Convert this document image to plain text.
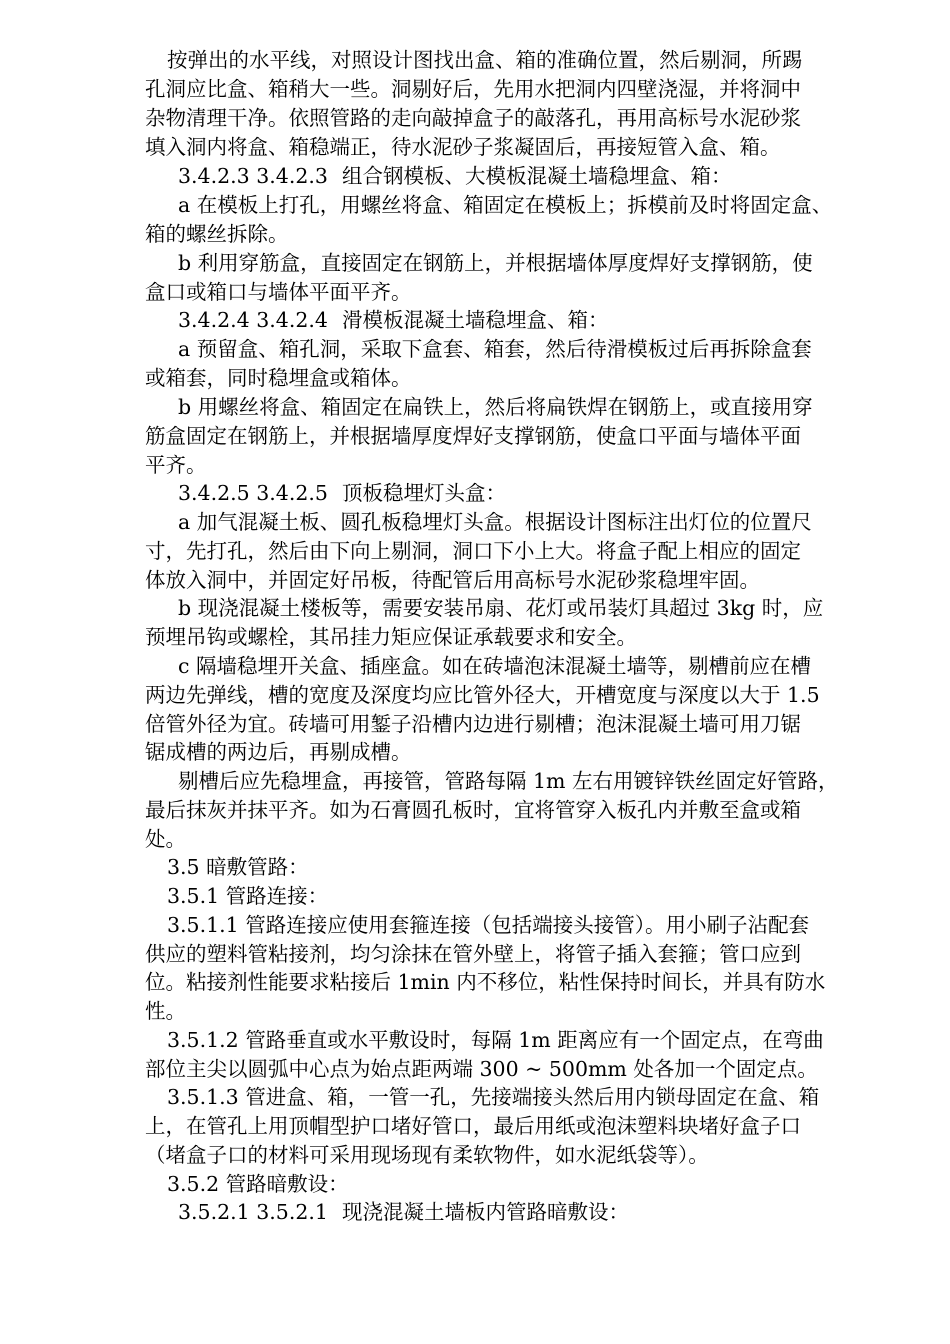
按弹出的水平线，对照设计图找出盒、箱的准确位置，然后剔洞，所踢
孔洞应比盒、箱稍大一些。洞剔好后，先用水把洞内四壁浇湿，并将洞中
杂物清理干净。依照管路的走向敲掉盒子的敲落孔，再用高标号水泥砂浆
填入洞内将盒、箱稳端正，待水泥砂子浆凝固后，再接短管入盒、箱。
3.4.2.3 3.4.2.3 组合钢模板、大模板混凝土墙稳埋盒、箱：
a 在模板上打孔，用螺丝将盒、箱固定在模板上；拆模前及时将固定盒、
箱的螺丝拆除。
b 利用穿筋盒，直接固定在钢筋上，并根据墙体厚度焊好支撑钢筋，使
盒口或箱口与墙体平面平齐。
3.4.2.4 3.4.2.4 滑模板混凝土墙稳埋盒、箱：
a 预留盒、箱孔洞，采取下盒套、箱套，然后待滑模板过后再拆除盒套
或箱套，同时稳埋盒或箱体。
b 用螺丝将盒、箱固定在扁铁上，然后将扁铁焊在钢筋上，或直接用穿
筋盒固定在钢筋上，并根据墙厚度焊好支撑钢筋，使盒口平面与墙体平面
平齐。
3.4.2.5 3.4.2.5 顶板稳埋灯头盒：
a 加气混凝土板、圆孔板稳埋灯头盒。根据设计图标注出灯位的位置尺
寸，先打孔，然后由下向上剔洞，洞口下小上大。将盒子配上相应的固定
体放入洞中，并固定好吊板，待配管后用高标号水泥砂浆稳埋牢固。
b 现浇混凝土楼板等，需要安装吊扇、花灯或吊装灯具超过 3kg 时，应
预埋吊钩或螺栓，其吊挂力矩应保证承载要求和安全。
c 隔墙稳埋开关盒、插座盒。如在砖墙泡沫混凝土墙等，剔槽前应在槽
两边先弹线，槽的宽度及深度均应比管外径大，开槽宽度与深度以大于 1.5
倍管外径为宜。砖墙可用錾子沿槽内边进行剔槽；泡沫混凝土墙可用刀锯
锯成槽的两边后，再剔成槽。
剔槽后应先稳埋盒，再接管，管路每隔 1m 左右用镀锌铁丝固定好管路，
最后抹灰并抹平齐。如为石膏圆孔板时，宜将管穿入板孔内并敷至盒或箱
处。
3.5 暗敷管路：
3.5.1 管路连接：
3.5.1.1 管路连接应使用套箍连接（包括端接头接管）。用小刷子沾配套
供应的塑料管粘接剂，均匀涂抹在管外壁上，将管子插入套箍；管口应到
位。粘接剂性能要求粘接后 1min 内不移位，粘性保持时间长，并具有防水
性。
3.5.1.2 管路垂直或水平敷设时，每隔 1m 距离应有一个固定点，在弯曲
部位主尖以圆弧中心点为始点距两端 300 ~ 500mm 处各加一个固定点。
3.5.1.3 管进盒、箱，一管一孔，先接端接头然后用内锁母固定在盒、箱
上，在管孔上用顶帽型护口堵好管口，最后用纸或泡沫塑料块堵好盒子口
（堵盒子口的材料可采用现场现有柔软物件，如水泥纸袋等）。
3.5.2 管路暗敷设：
3.5.2.1 3.5.2.1 现浇混凝土墙板内管路暗敷设：
